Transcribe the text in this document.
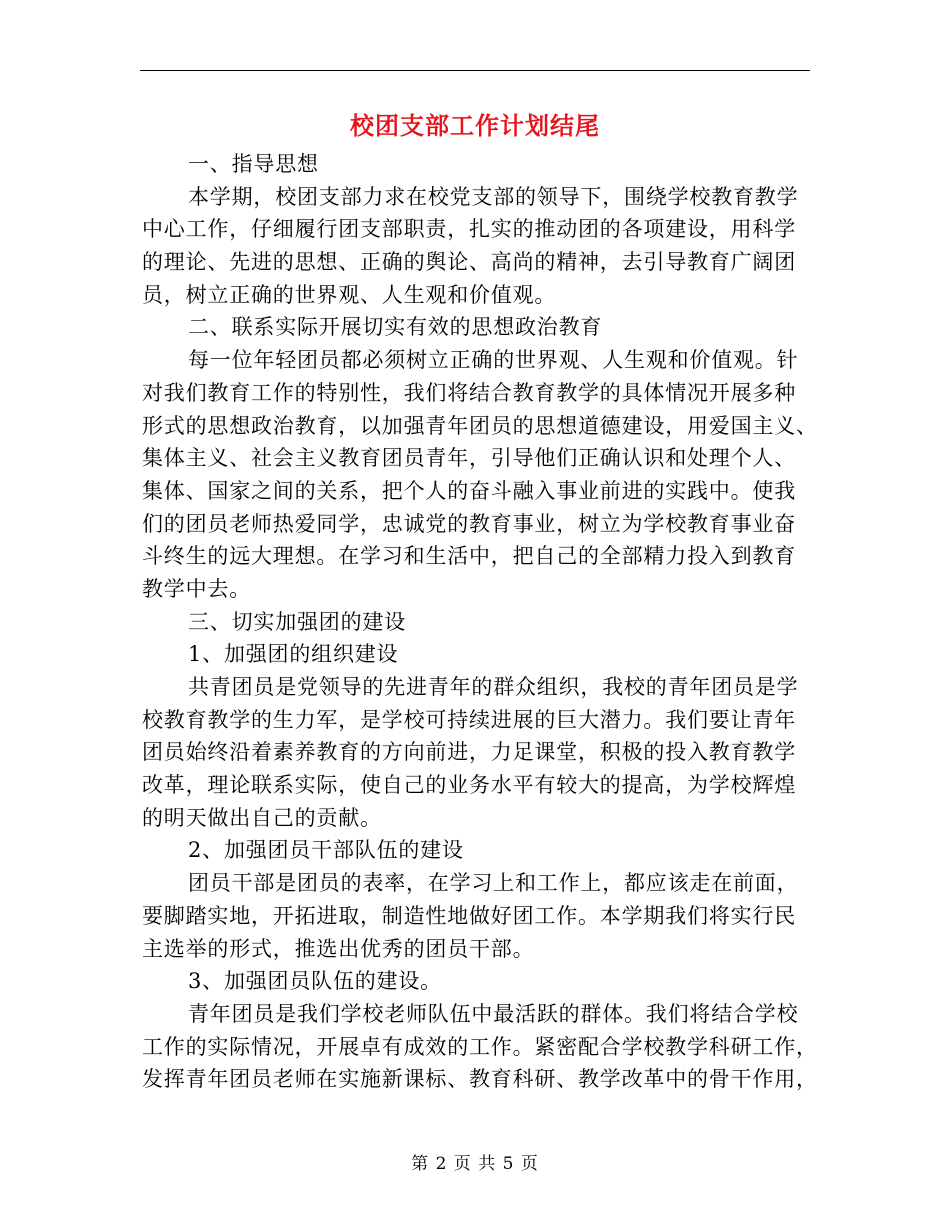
校团支部工作计划结尾
一、指导思想
本学期，校团支部力求在校党支部的领导下，围绕学校教育教学
中心工作，仔细履行团支部职责，扎实的推动团的各项建设，用科学
的理论、先进的思想、正确的舆论、高尚的精神，去引导教育广阔团
员，树立正确的世界观、人生观和价值观。
二、联系实际开展切实有效的思想政治教育
每一位年轻团员都必须树立正确的世界观、人生观和价值观。针
对我们教育工作的特别性，我们将结合教育教学的具体情况开展多种
形式的思想政治教育，以加强青年团员的思想道德建设，用爱国主义、
集体主义、社会主义教育团员青年，引导他们正确认识和处理个人、
集体、国家之间的关系，把个人的奋斗融入事业前进的实践中。使我
们的团员老师热爱同学，忠诚党的教育事业，树立为学校教育事业奋
斗终生的远大理想。在学习和生活中，把自己的全部精力投入到教育
教学中去。
三、切实加强团的建设
1、加强团的组织建设
共青团员是党领导的先进青年的群众组织，我校的青年团员是学
校教育教学的生力军，是学校可持续进展的巨大潜力。我们要让青年
团员始终沿着素养教育的方向前进，力足课堂，积极的投入教育教学
改革，理论联系实际，使自己的业务水平有较大的提高，为学校辉煌
的明天做出自己的贡献。
2、加强团员干部队伍的建设
团员干部是团员的表率，在学习上和工作上，都应该走在前面，
要脚踏实地，开拓进取，制造性地做好团工作。本学期我们将实行民
主选举的形式，推选出优秀的团员干部。
3、加强团员队伍的建设。
青年团员是我们学校老师队伍中最活跃的群体。我们将结合学校
工作的实际情况，开展卓有成效的工作。紧密配合学校教学科研工作，
发挥青年团员老师在实施新课标、教育科研、教学改革中的骨干作用，
第 2 页 共 5 页
